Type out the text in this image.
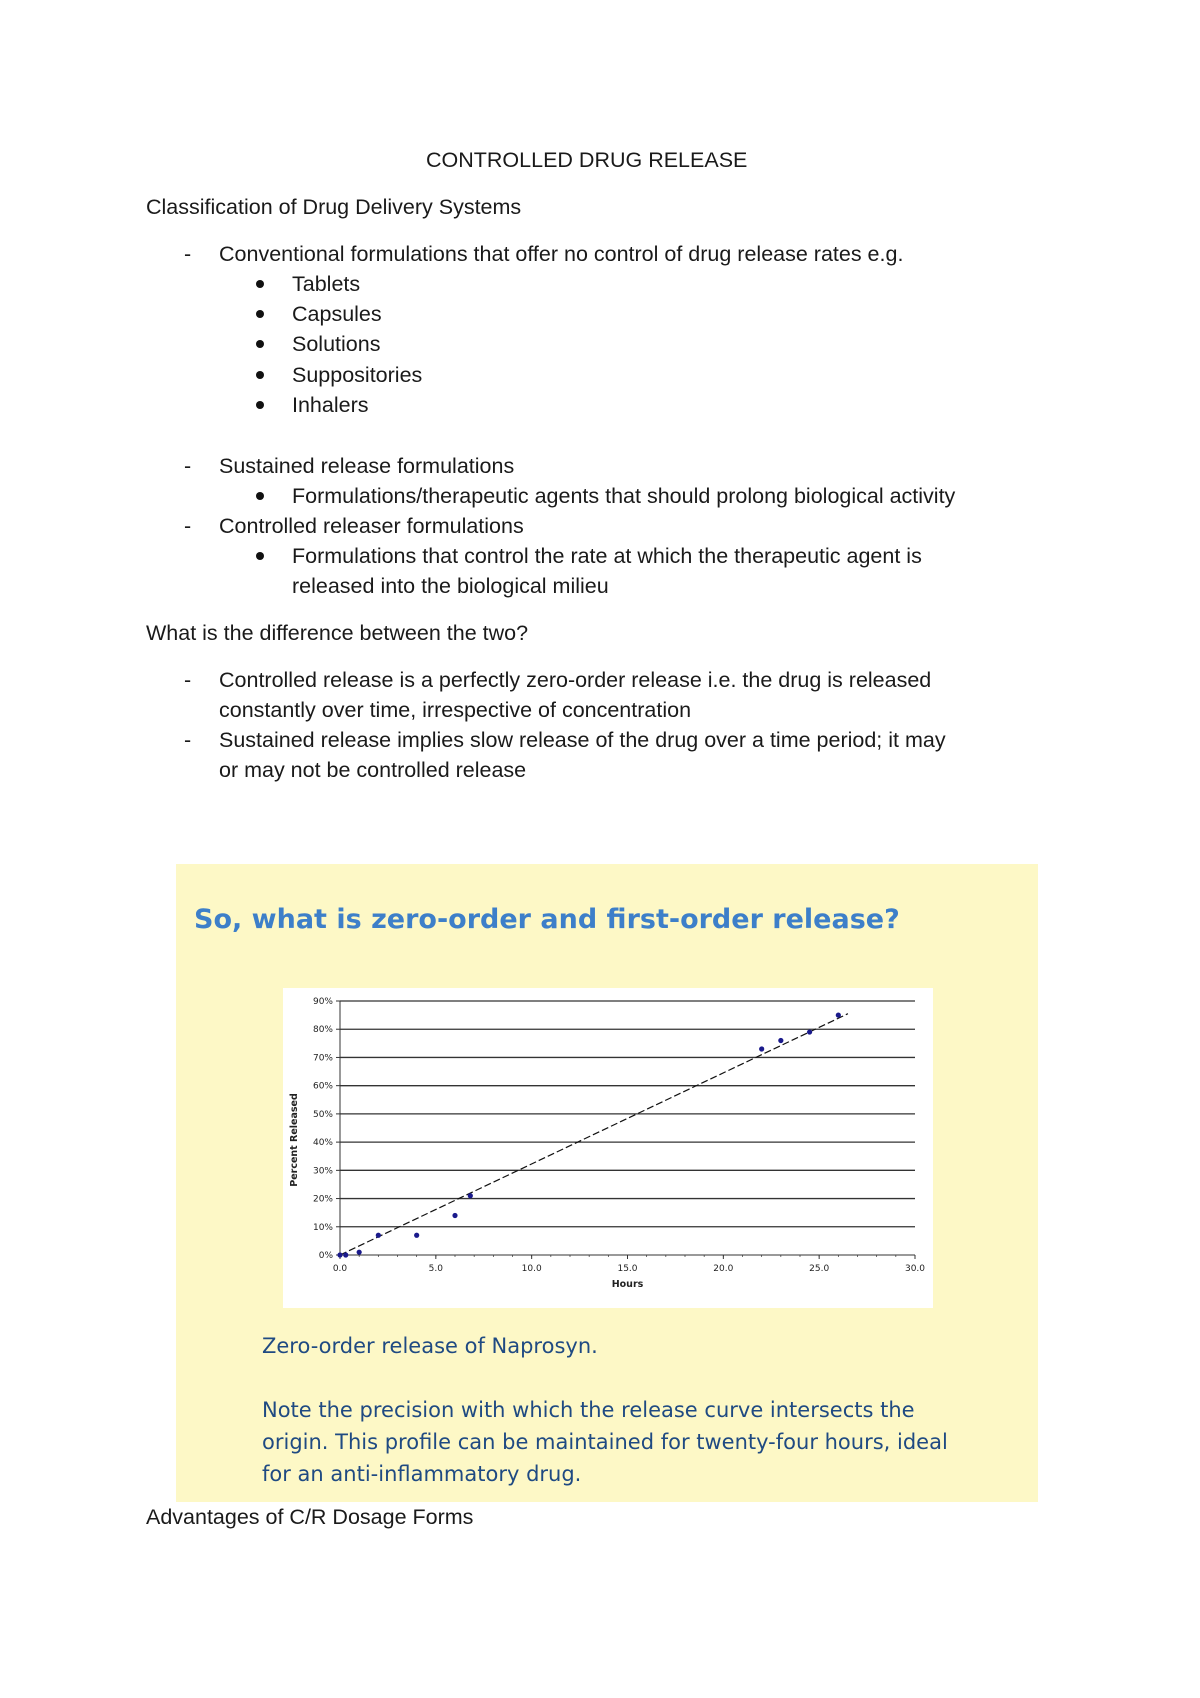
CONTROLLED DRUG RELEASE
Classification of Drug Delivery Systems
- Conventional formulations that offer no control of drug release rates e.g.
Tablets
Capsules
Solutions
Suppositories
Inhalers
- Sustained release formulations
Formulations/therapeutic agents that should prolong biological activity
- Controlled releaser formulations
Formulations that control the rate at which the therapeutic agent is
released into the biological milieu
What is the difference between the two?
- Controlled release is a perfectly zero-order release i.e. the drug is released
constantly over time, irrespective of concentration
- Sustained release implies slow release of the drug over a time period; it may
or may not be controlled release
So, what is zero-order and first-order release?
0%
10%
20%
30%
40%
50%
60%
70%
80%
90%
0.0	5.0	10.0	15.0	20.0	25.0	30.0
Hours
Percent Released
Zero-order release of Naprosyn.
Note the precision with which the release curve intersects the
origin. This profile can be maintained for twenty-four hours, ideal
for an anti-inflammatory drug.
Advantages of C/R Dosage Forms
